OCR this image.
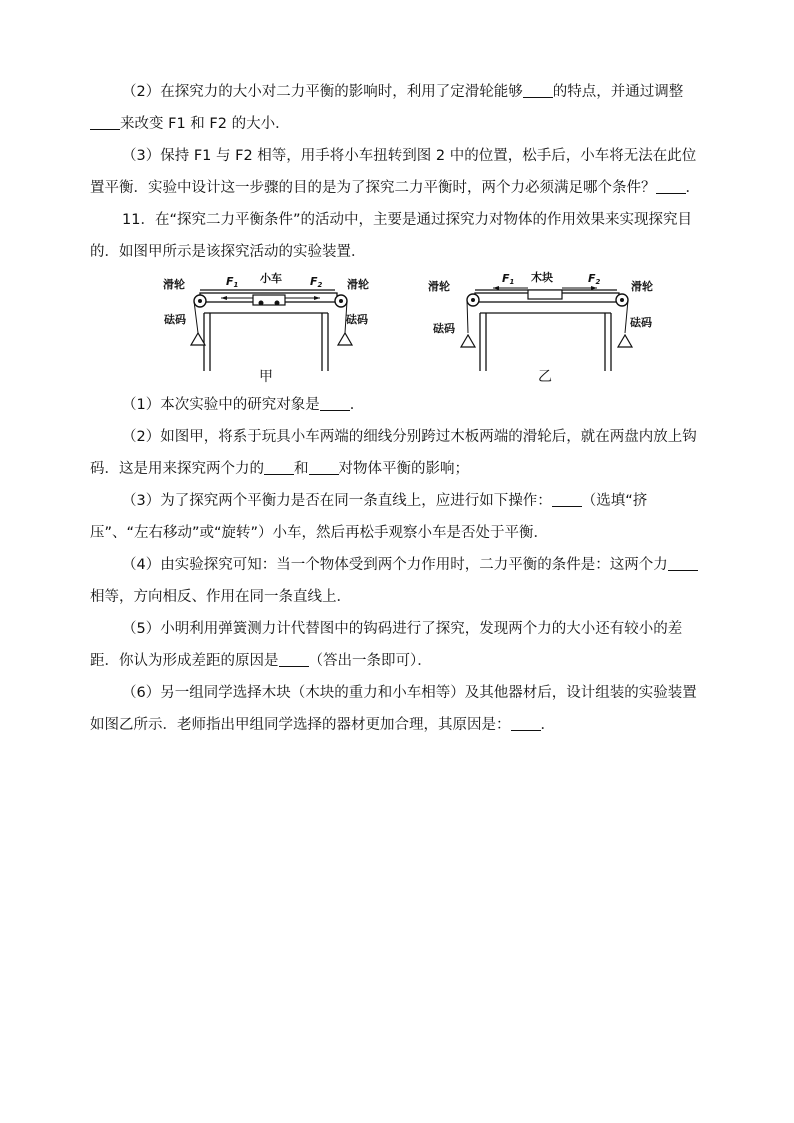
（2）在探究力的大小对二力平衡的影响时，利用了定滑轮能够 的特点，并通过调整来改变 F1 和 F2 的大小．
（3）保持 F1 与 F2 相等，用手将小车扭转到图 2 中的位置，松手后，小车将无法在此位置平衡．实验中设计这一步骤的目的是为了探究二力平衡时，两个力必须满足哪个条件？ ．
11．在“探究二力平衡条件”的活动中，主要是通过探究力对物体的作用效果来实现探究目的．如图甲所示是该探究活动的实验装置．
滑轮	滑轮
砝码	砝码
小车
F1	F2
甲
滑轮	滑轮
砝码	砝码
木块
F1	F2
乙
（1）本次实验中的研究对象是 ．
（2）如图甲，将系于玩具小车两端的细线分别跨过木板两端的滑轮后，就在两盘内放上钩码．这是用来探究两个力的 和 对物体平衡的影响；
（3）为了探究两个平衡力是否在同一条直线上，应进行如下操作： （选填“挤压”、“左右移动”或“旋转”）小车，然后再松手观察小车是否处于平衡．
（4）由实验探究可知：当一个物体受到两个力作用时，二力平衡的条件是：这两个力相等，方向相反、作用在同一条直线上．
（5）小明利用弹簧测力计代替图中的钩码进行了探究，发现两个力的大小还有较小的差距．你认为形成差距的原因是 （答出一条即可）．
（6）另一组同学选择木块（木块的重力和小车相等）及其他器材后，设计组装的实验装置如图乙所示．老师指出甲组同学选择的器材更加合理，其原因是： ．
